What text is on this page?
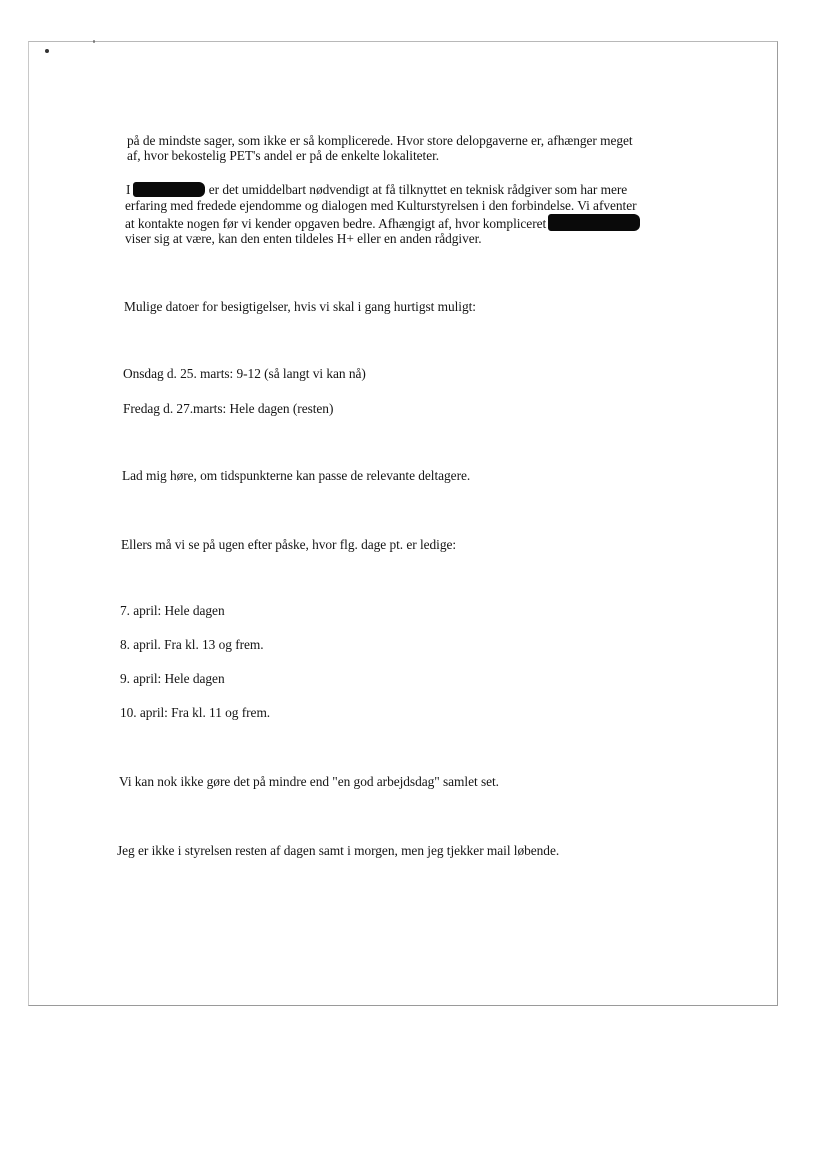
på de mindste sager, som ikke er så komplicerede. Hvor store delopgaverne er, afhænger meget
af, hvor bekostelig PET's andel er på de enkelte lokaliteter.
I	er det umiddelbart nødvendigt at få tilknyttet en teknisk rådgiver som har mere
erfaring med fredede ejendomme og dialogen med Kulturstyrelsen i den forbindelse. Vi afventer
at kontakte nogen før vi kender opgaven bedre. Afhængigt af, hvor kompliceret
viser sig at være, kan den enten tildeles H+ eller en anden rådgiver.
Mulige datoer for besigtigelser, hvis vi skal i gang hurtigst muligt:
Onsdag d. 25. marts: 9-12 (så langt vi kan nå)
Fredag d. 27.marts: Hele dagen (resten)
Lad mig høre, om tidspunkterne kan passe de relevante deltagere.
Ellers må vi se på ugen efter påske, hvor flg. dage pt. er ledige:
7. april: Hele dagen
8. april. Fra kl. 13 og frem.
9. april: Hele dagen
10. april: Fra kl. 11 og frem.
Vi kan nok ikke gøre det på mindre end "en god arbejdsdag" samlet set.
Jeg er ikke i styrelsen resten af dagen samt i morgen, men jeg tjekker mail løbende.
